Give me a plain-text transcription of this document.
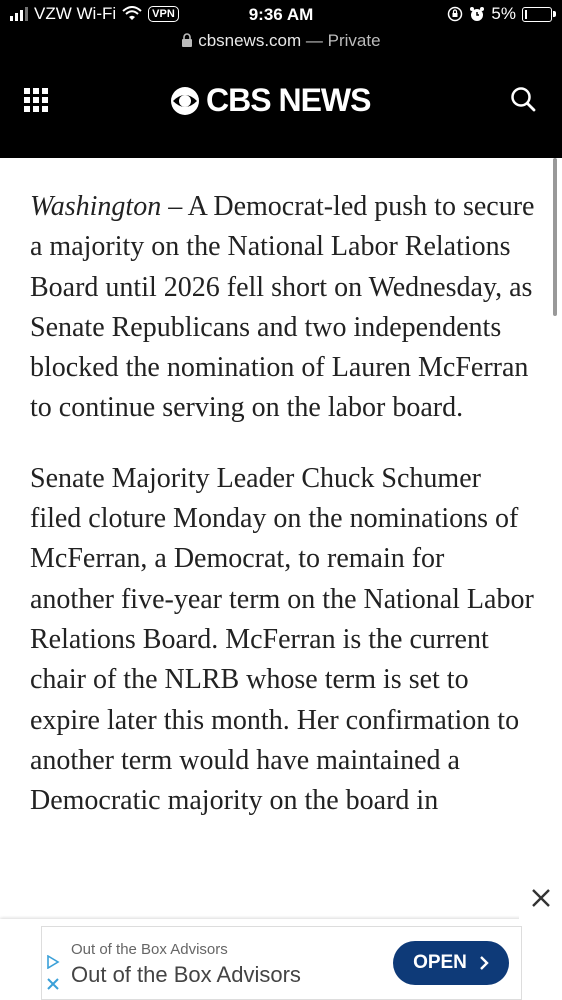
VZW Wi-Fi	VPN	9:36 AM	5%
cbsnews.com — Private
CBS NEWS

Washington – A Democrat-led push to secure a majority on the National Labor Relations Board until 2026 fell short on Wednesday, as Senate Republicans and two independents blocked the nomination of Lauren McFerran to continue serving on the labor board.

Senate Majority Leader Chuck Schumer filed cloture Monday on the nominations of McFerran, a Democrat, to remain for another five-year term on the National Labor Relations Board. McFerran is the current chair of the NLRB whose term is set to expire later this month. Her confirmation to another term would have maintained a Democratic majority on the board in

Out of the Box Advisors
Out of the Box Advisors	OPEN
